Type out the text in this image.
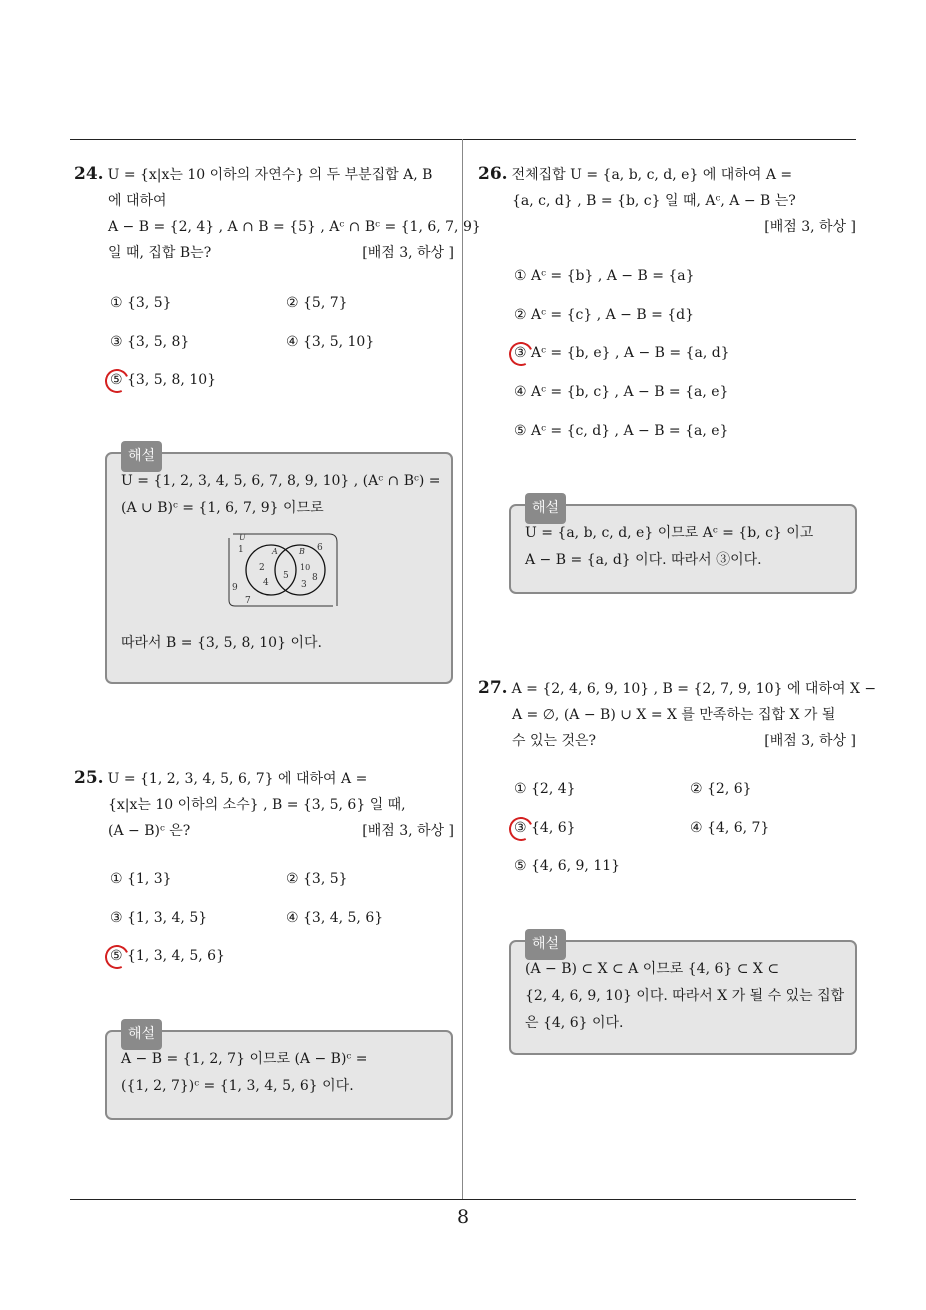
24. U = {x|x는 10 이하의 자연수} 의 두 부분집합 A, B
에 대하여
A − B = {2, 4} , A ∩ B = {5} , Aᶜ ∩ Bᶜ = {1, 6, 7, 9}
일 때, 집합 B는?	[배점 3, 하상 ]
① {3, 5}	② {5, 7}
③ {3, 5, 8}	④ {3, 5, 10}
⑤ {3, 5, 8, 10}
해설
U = {1, 2, 3, 4, 5, 6, 7, 8, 9, 10} , (Aᶜ ∩ Bᶜ) =
(A ∪ B)ᶜ = {1, 6, 7, 9} 이므로
U
1	A	B 6
2
4
5
10
8
3
9
7
따라서 B = {3, 5, 8, 10} 이다.
25. U = {1, 2, 3, 4, 5, 6, 7} 에 대하여 A =
{x|x는 10 이하의 소수} , B = {3, 5, 6} 일 때,
(A − B)ᶜ 은?	[배점 3, 하상 ]
① {1, 3}	② {3, 5}
③ {1, 3, 4, 5}	④ {3, 4, 5, 6}
⑤ {1, 3, 4, 5, 6}
해설
A − B = {1, 2, 7} 이므로 (A − B)ᶜ =
({1, 2, 7})ᶜ = {1, 3, 4, 5, 6} 이다.
26. 전체집합 U = {a, b, c, d, e} 에 대하여 A =
{a, c, d} , B = {b, c} 일 때, Aᶜ, A − B 는?
[배점 3, 하상 ]
① Aᶜ = {b} , A − B = {a}
② Aᶜ = {c} , A − B = {d}
③ Aᶜ = {b, e} , A − B = {a, d}
④ Aᶜ = {b, c} , A − B = {a, e}
⑤ Aᶜ = {c, d} , A − B = {a, e}
해설
U = {a, b, c, d, e} 이므로 Aᶜ = {b, c} 이고
A − B = {a, d} 이다. 따라서 ③이다.
27. A = {2, 4, 6, 9, 10} , B = {2, 7, 9, 10} 에 대하여 X −
A = ∅, (A − B) ∪ X = X 를 만족하는 집합 X 가 될
수 있는 것은?	[배점 3, 하상 ]
① {2, 4}	② {2, 6}
③ {4, 6}	④ {4, 6, 7}
⑤ {4, 6, 9, 11}
해설
(A − B) ⊂ X ⊂ A 이므로 {4, 6} ⊂ X ⊂
{2, 4, 6, 9, 10} 이다. 따라서 X 가 될 수 있는 집합
은 {4, 6} 이다.
8
